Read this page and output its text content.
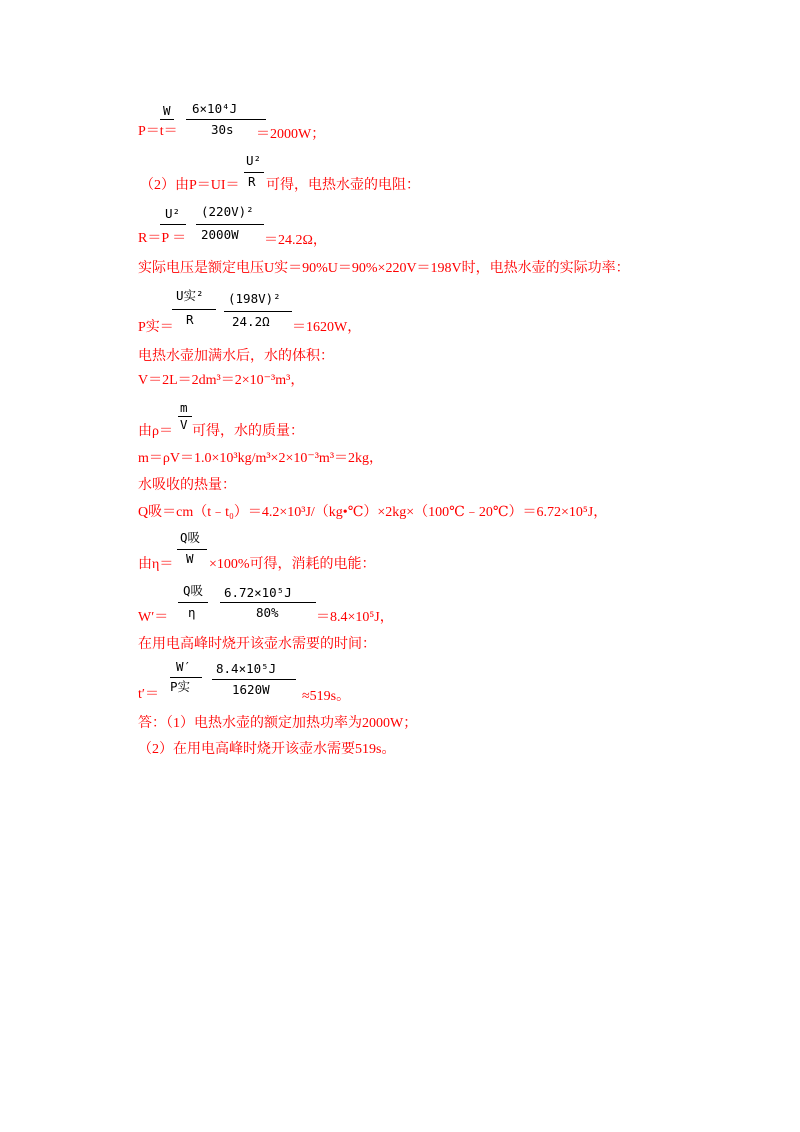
W
P＝t＝
6×10⁴J
30s ＝2000W；
（2）由P＝UI＝
U²
R 可得，电热水壶的电阻：
U²
R＝P ＝
(220V)²
2000W ＝24.2Ω，
实际电压是额定电压U实＝90%U＝90%×220V＝198V时，电热水壶的实际功率：
U实²
R
P实＝
(198V)²
24.2Ω ＝1620W，
电热水壶加满水后，水的体积：
V＝2L＝2dm³＝2×10⁻³m³，
由ρ＝
m
V 可得，水的质量：
m＝ρV＝1.0×10³kg/m³×2×10⁻³m³＝2kg，
水吸收的热量：
Q吸＝cm（t﹣t₀）＝4.2×10³J/（kg•℃）×2kg×（100℃﹣20℃）＝6.72×10⁵J，
由η＝
Q吸
W ×100%可得，消耗的电能：
Q吸
η
W′＝
6.72×10⁵J
80%	＝8.4×10⁵J，
在用电高峰时烧开该壶水需要的时间：
W′
P实
t′＝
8.4×10⁵J
1620W ≈519s。
答：（1）电热水壶的额定加热功率为2000W；
（2）在用电高峰时烧开该壶水需要519s。
